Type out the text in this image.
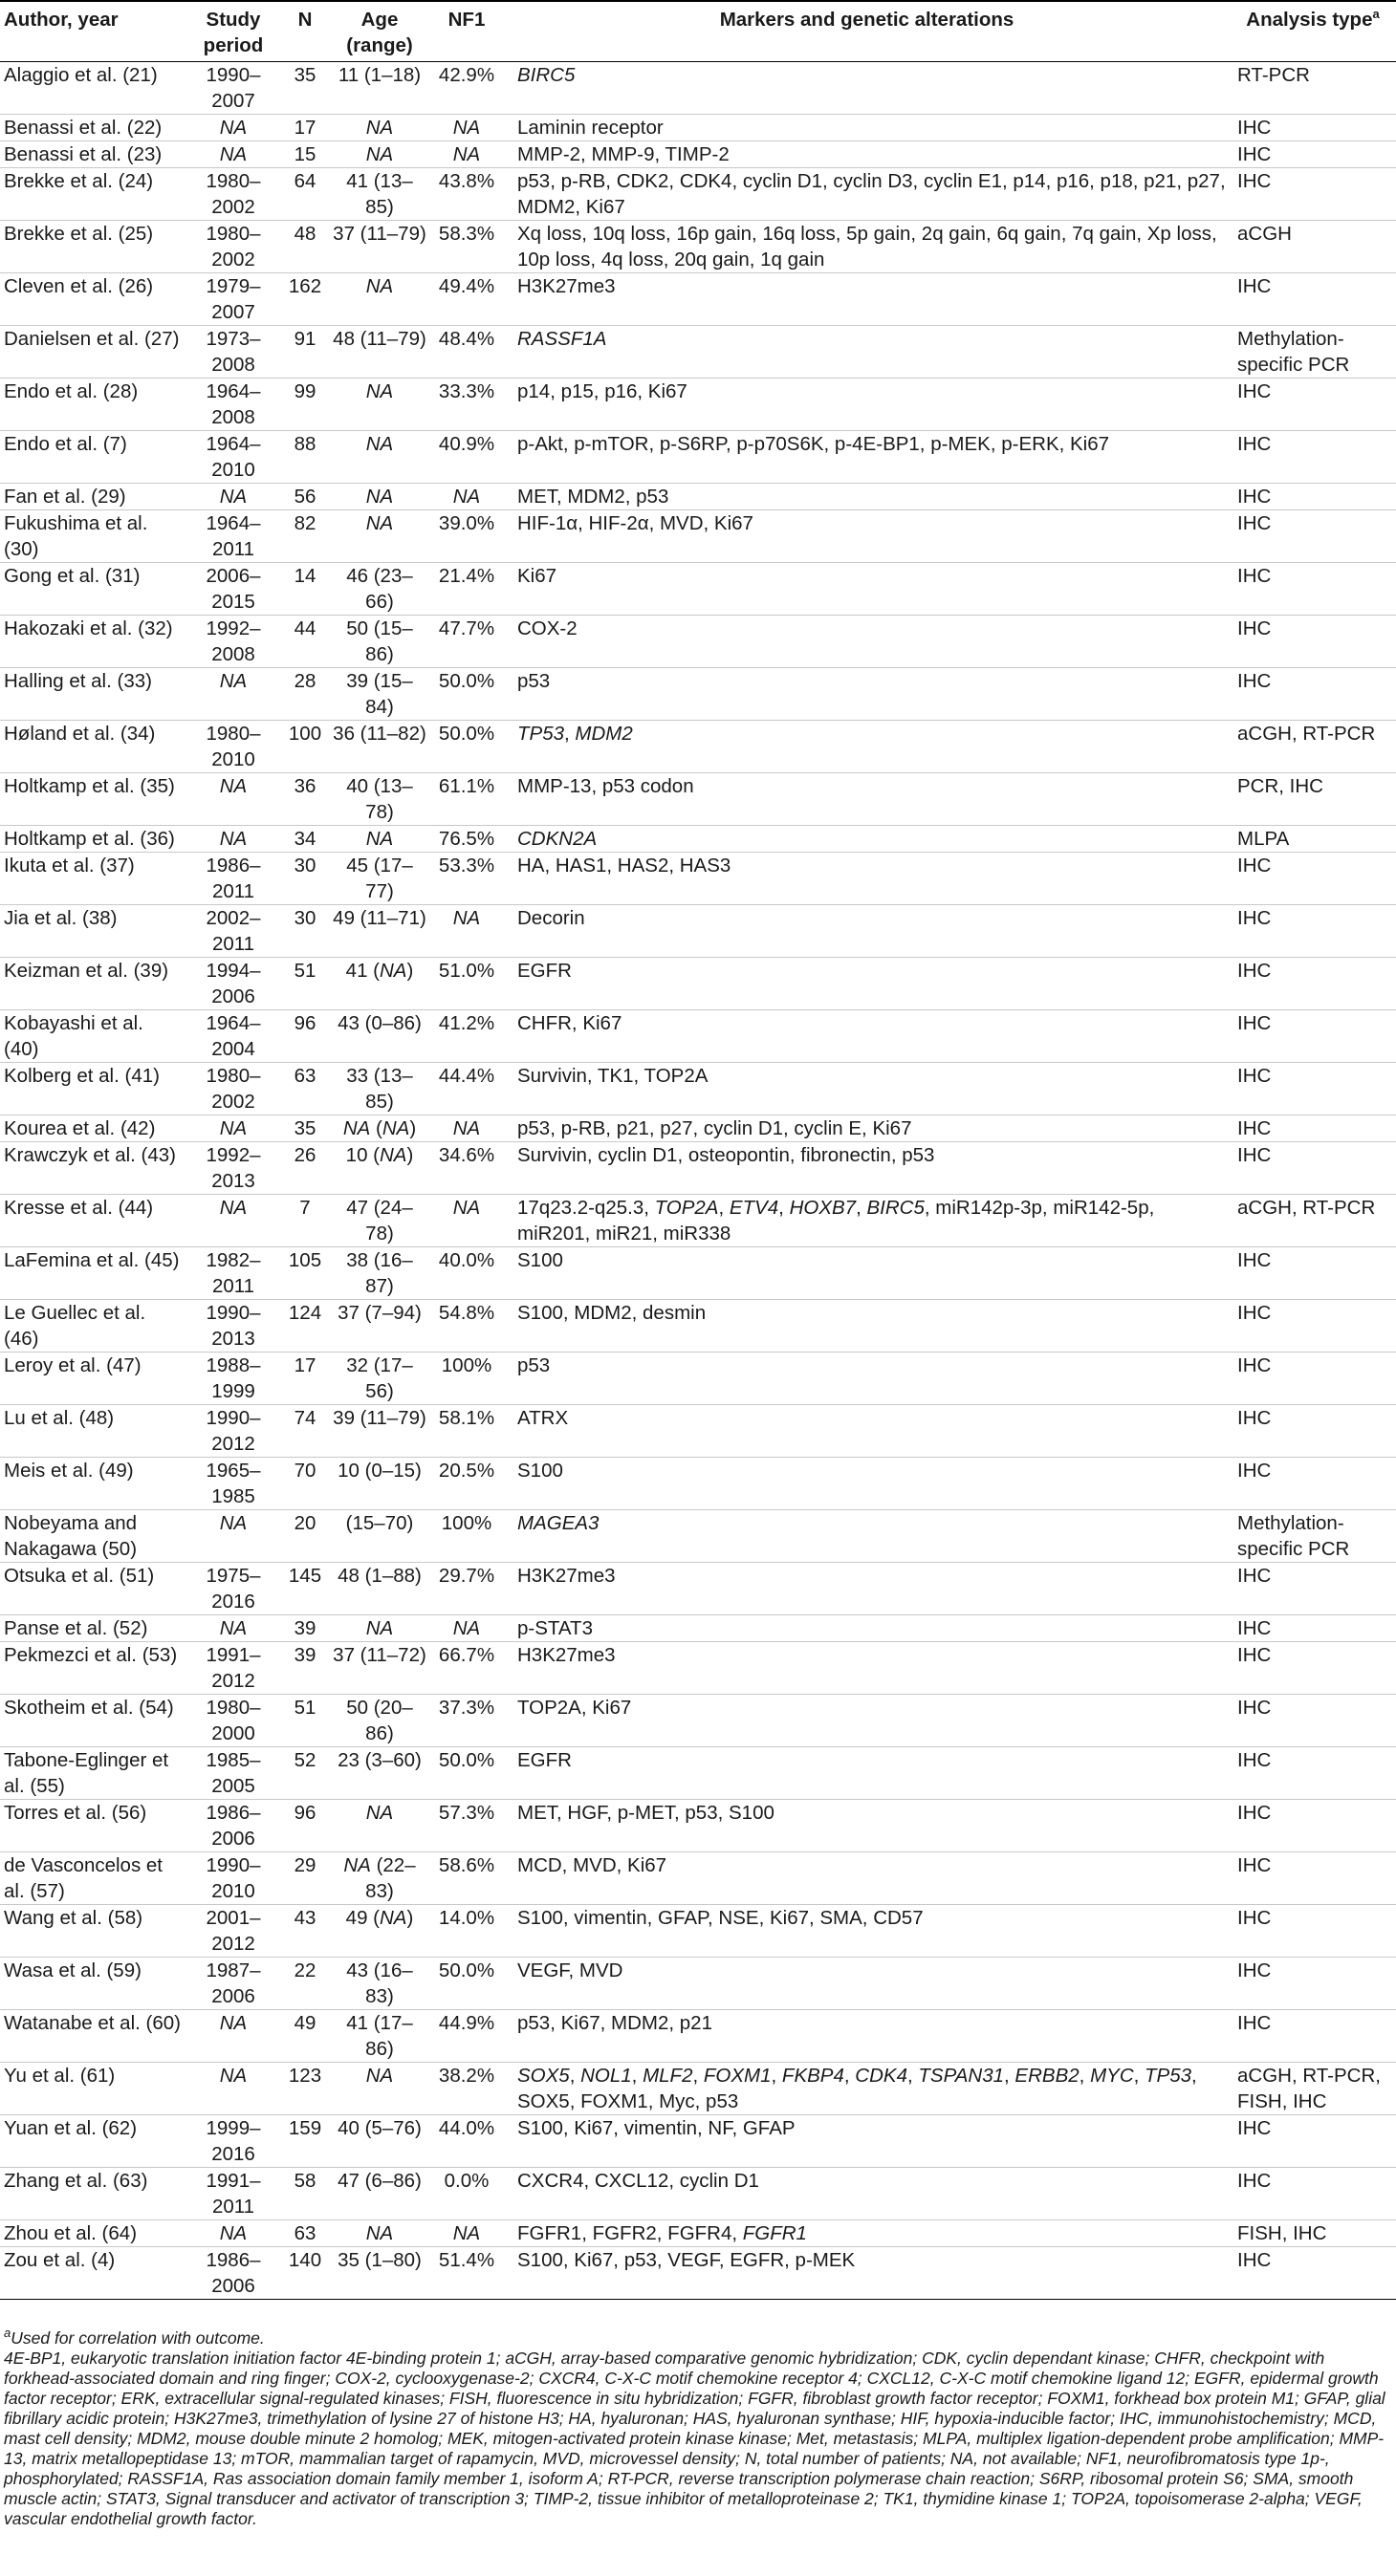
Author, year	Study period	N	Age (range)	NF1	Markers and genetic alterations	Analysis type$^a$
Alaggio et al. (21)	1990–2007	35	11 (1–18)	42.9%	BIRC5	RT-PCR
Benassi et al. (22)	NA	17	NA	NA	Laminin receptor	IHC
Benassi et al. (23)	NA	15	NA	NA	MMP-2, MMP-9, TIMP-2	IHC
Brekke et al. (24)	1980–2002	64	41 (13–85)	43.8%	p53, p-RB, CDK2, CDK4, cyclin D1, cyclin D3, cyclin E1, p14, p16, p18, p21, p27, MDM2, Ki67	IHC
Brekke et al. (25)	1980–2002	48	37 (11–79)	58.3%	Xq loss, 10q loss, 16p gain, 16q loss, 5p gain, 2q gain, 6q gain, 7q gain, Xp loss, 10p loss, 4q loss, 20q gain, 1q gain	aCGH
Cleven et al. (26)	1979–2007	162	NA	49.4%	H3K27me3	IHC
Danielsen et al. (27)	1973–2008	91	48 (11–79)	48.4%	RASSF1A	Methylation-specific PCR
Endo et al. (28)	1964–2008	99	NA	33.3%	p14, p15, p16, Ki67	IHC
Endo et al. (7)	1964–2010	88	NA	40.9%	p-Akt, p-mTOR, p-S6RP, p-p70S6K, p-4E-BP1, p-MEK, p-ERK, Ki67	IHC
Fan et al. (29)	NA	56	NA	NA	MET, MDM2, p53	IHC
Fukushima et al. (30)	1964–2011	82	NA	39.0%	HIF-1α, HIF-2α, MVD, Ki67	IHC
Gong et al. (31)	2006–2015	14	46 (23–66)	21.4%	Ki67	IHC
Hakozaki et al. (32)	1992–2008	44	50 (15–86)	47.7%	COX-2	IHC
Halling et al. (33)	NA	28	39 (15–84)	50.0%	p53	IHC
Høland et al. (34)	1980–2010	100	36 (11–82)	50.0%	TP53, MDM2	aCGH, RT-PCR
Holtkamp et al. (35)	NA	36	40 (13–78)	61.1%	MMP-13, p53 codon	PCR, IHC
Holtkamp et al. (36)	NA	34	NA	76.5%	CDKN2A	MLPA
Ikuta et al. (37)	1986–2011	30	45 (17–77)	53.3%	HA, HAS1, HAS2, HAS3	IHC
Jia et al. (38)	2002–2011	30	49 (11–71)	NA	Decorin	IHC
Keizman et al. (39)	1994–2006	51	41 (NA)	51.0%	EGFR	IHC
Kobayashi et al. (40)	1964–2004	96	43 (0–86)	41.2%	CHFR, Ki67	IHC
Kolberg et al. (41)	1980–2002	63	33 (13–85)	44.4%	Survivin, TK1, TOP2A	IHC
Kourea et al. (42)	NA	35	NA (NA)	NA	p53, p-RB, p21, p27, cyclin D1, cyclin E, Ki67	IHC
Krawczyk et al. (43)	1992–2013	26	10 (NA)	34.6%	Survivin, cyclin D1, osteopontin, fibronectin, p53	IHC
Kresse et al. (44)	NA	7	47 (24–78)	NA	17q23.2-q25.3, TOP2A, ETV4, HOXB7, BIRC5, miR142p-3p, miR142-5p, miR201, miR21, miR338	aCGH, RT-PCR
LaFemina et al. (45)	1982–2011	105	38 (16–87)	40.0%	S100	IHC
Le Guellec et al. (46)	1990–2013	124	37 (7–94)	54.8%	S100, MDM2, desmin	IHC
Leroy et al. (47)	1988–1999	17	32 (17–56)	100%	p53	IHC
Lu et al. (48)	1990–2012	74	39 (11–79)	58.1%	ATRX	IHC
Meis et al. (49)	1965–1985	70	10 (0–15)	20.5%	S100	IHC
Nobeyama and Nakagawa (50)	NA	20	(15–70)	100%	MAGEA3	Methylation-specific PCR
Otsuka et al. (51)	1975–2016	145	48 (1–88)	29.7%	H3K27me3	IHC
Panse et al. (52)	NA	39	NA	NA	p-STAT3	IHC
Pekmezci et al. (53)	1991–2012	39	37 (11–72)	66.7%	H3K27me3	IHC
Skotheim et al. (54)	1980–2000	51	50 (20–86)	37.3%	TOP2A, Ki67	IHC
Tabone-Eglinger et al. (55)	1985–2005	52	23 (3–60)	50.0%	EGFR	IHC
Torres et al. (56)	1986–2006	96	NA	57.3%	MET, HGF, p-MET, p53, S100	IHC
de Vasconcelos et al. (57)	1990–2010	29	NA (22–83)	58.6%	MCD, MVD, Ki67	IHC
Wang et al. (58)	2001–2012	43	49 (NA)	14.0%	S100, vimentin, GFAP, NSE, Ki67, SMA, CD57	IHC
Wasa et al. (59)	1987–2006	22	43 (16–83)	50.0%	VEGF, MVD	IHC
Watanabe et al. (60)	NA	49	41 (17–86)	44.9%	p53, Ki67, MDM2, p21	IHC
Yu et al. (61)	NA	123	NA	38.2%	SOX5, NOL1, MLF2, FOXM1, FKBP4, CDK4, TSPAN31, ERBB2, MYC, TP53, SOX5, FOXM1, Myc, p53	aCGH, RT-PCR, FISH, IHC
Yuan et al. (62)	1999–2016	159	40 (5–76)	44.0%	S100, Ki67, vimentin, NF, GFAP	IHC
Zhang et al. (63)	1991–2011	58	47 (6–86)	0.0%	CXCR4, CXCL12, cyclin D1	IHC
Zhou et al. (64)	NA	63	NA	NA	FGFR1, FGFR2, FGFR4, FGFR1	FISH, IHC
Zou et al. (4)	1986–2006	140	35 (1–80)	51.4%	S100, Ki67, p53, VEGF, EGFR, p-MEK	IHC

$^a$Used for correlation with outcome.

4E-BP1, eukaryotic translation initiation factor 4E-binding protein 1; aCGH, array-based comparative genomic hybridization; CDK, cyclin dependant kinase; CHFR, checkpoint with forkhead-associated domain and ring finger; COX-2, cyclooxygenase-2; CXCR4, C-X-C motif chemokine receptor 4; CXCL12, C-X-C motif chemokine ligand 12; EGFR, epidermal growth factor receptor; ERK, extracellular signal-regulated kinases; FISH, fluorescence in situ hybridization; FGFR, fibroblast growth factor receptor; FOXM1, forkhead box protein M1; GFAP, glial fibrillary acidic protein; H3K27me3, trimethylation of lysine 27 of histone H3; HA, hyaluronan; HAS, hyaluronan synthase; HIF, hypoxia-inducible factor; IHC, immunohistochemistry; MCD, mast cell density; MDM2, mouse double minute 2 homolog; MEK, mitogen-activated protein kinase kinase; Met, metastasis; MLPA, multiplex ligation-dependent probe amplification; MMP-13, matrix metallopeptidase 13; mTOR, mammalian target of rapamycin, MVD, microvessel density; N, total number of patients; NA, not available; NF1, neurofibromatosis type 1p-, phosphorylated; RASSF1A, Ras association domain family member 1, isoform A; RT-PCR, reverse transcription polymerase chain reaction; S6RP, ribosomal protein S6; SMA, smooth muscle actin; STAT3, Signal transducer and activator of transcription 3; TIMP-2, tissue inhibitor of metalloproteinase 2; TK1, thymidine kinase 1; TOP2A, topoisomerase 2-alpha; VEGF, vascular endothelial growth factor.
